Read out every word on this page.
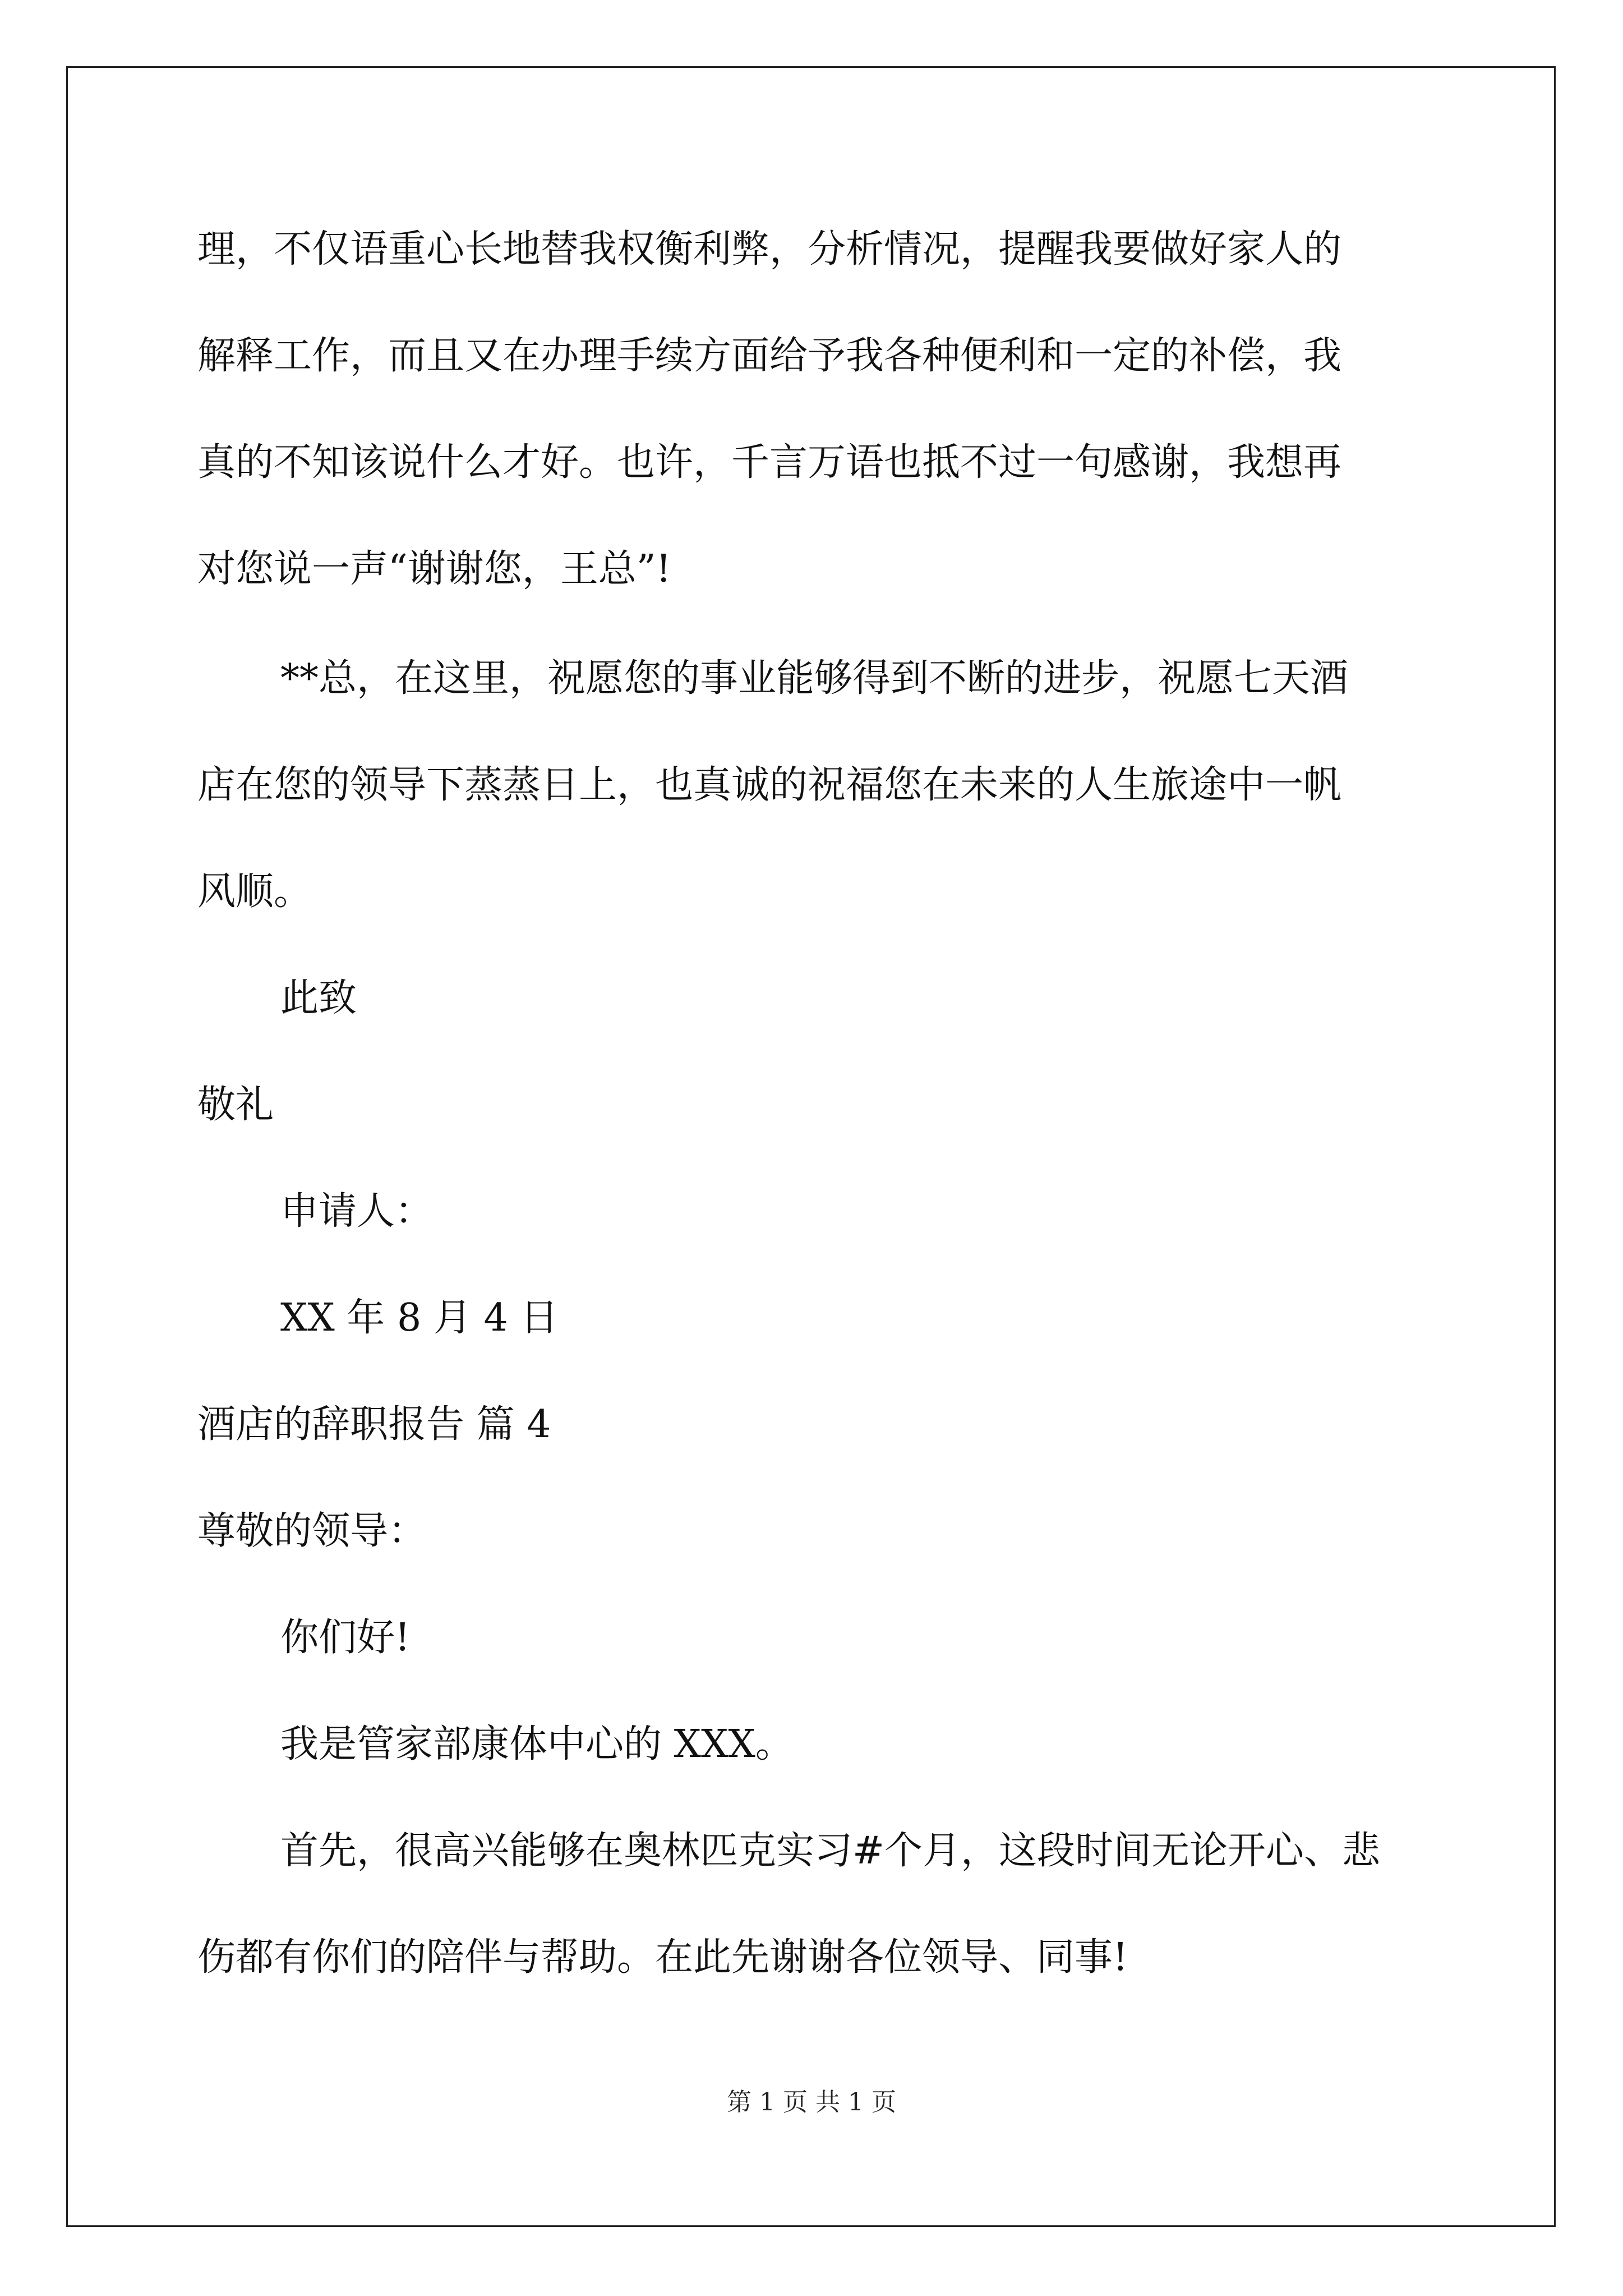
理，不仅语重心长地替我权衡利弊，分析情况，提醒我要做好家人的
解释工作，而且又在办理手续方面给予我各种便利和一定的补偿，我
真的不知该说什么才好。也许，千言万语也抵不过一句感谢，我想再
对您说一声“谢谢您，王总”!
**总，在这里，祝愿您的事业能够得到不断的进步，祝愿七天酒
店在您的领导下蒸蒸日上，也真诚的祝福您在未来的人生旅途中一帆
风顺。
此致
敬礼
申请人：
XX 年 8 月 4 日
酒店的辞职报告 篇 4
尊敬的领导：
你们好!
我是管家部康体中心的 XXX。
首先，很高兴能够在奥林匹克实习#个月，这段时间无论开心、悲
伤都有你们的陪伴与帮助。在此先谢谢各位领导、同事!
第 1 页 共 1 页
